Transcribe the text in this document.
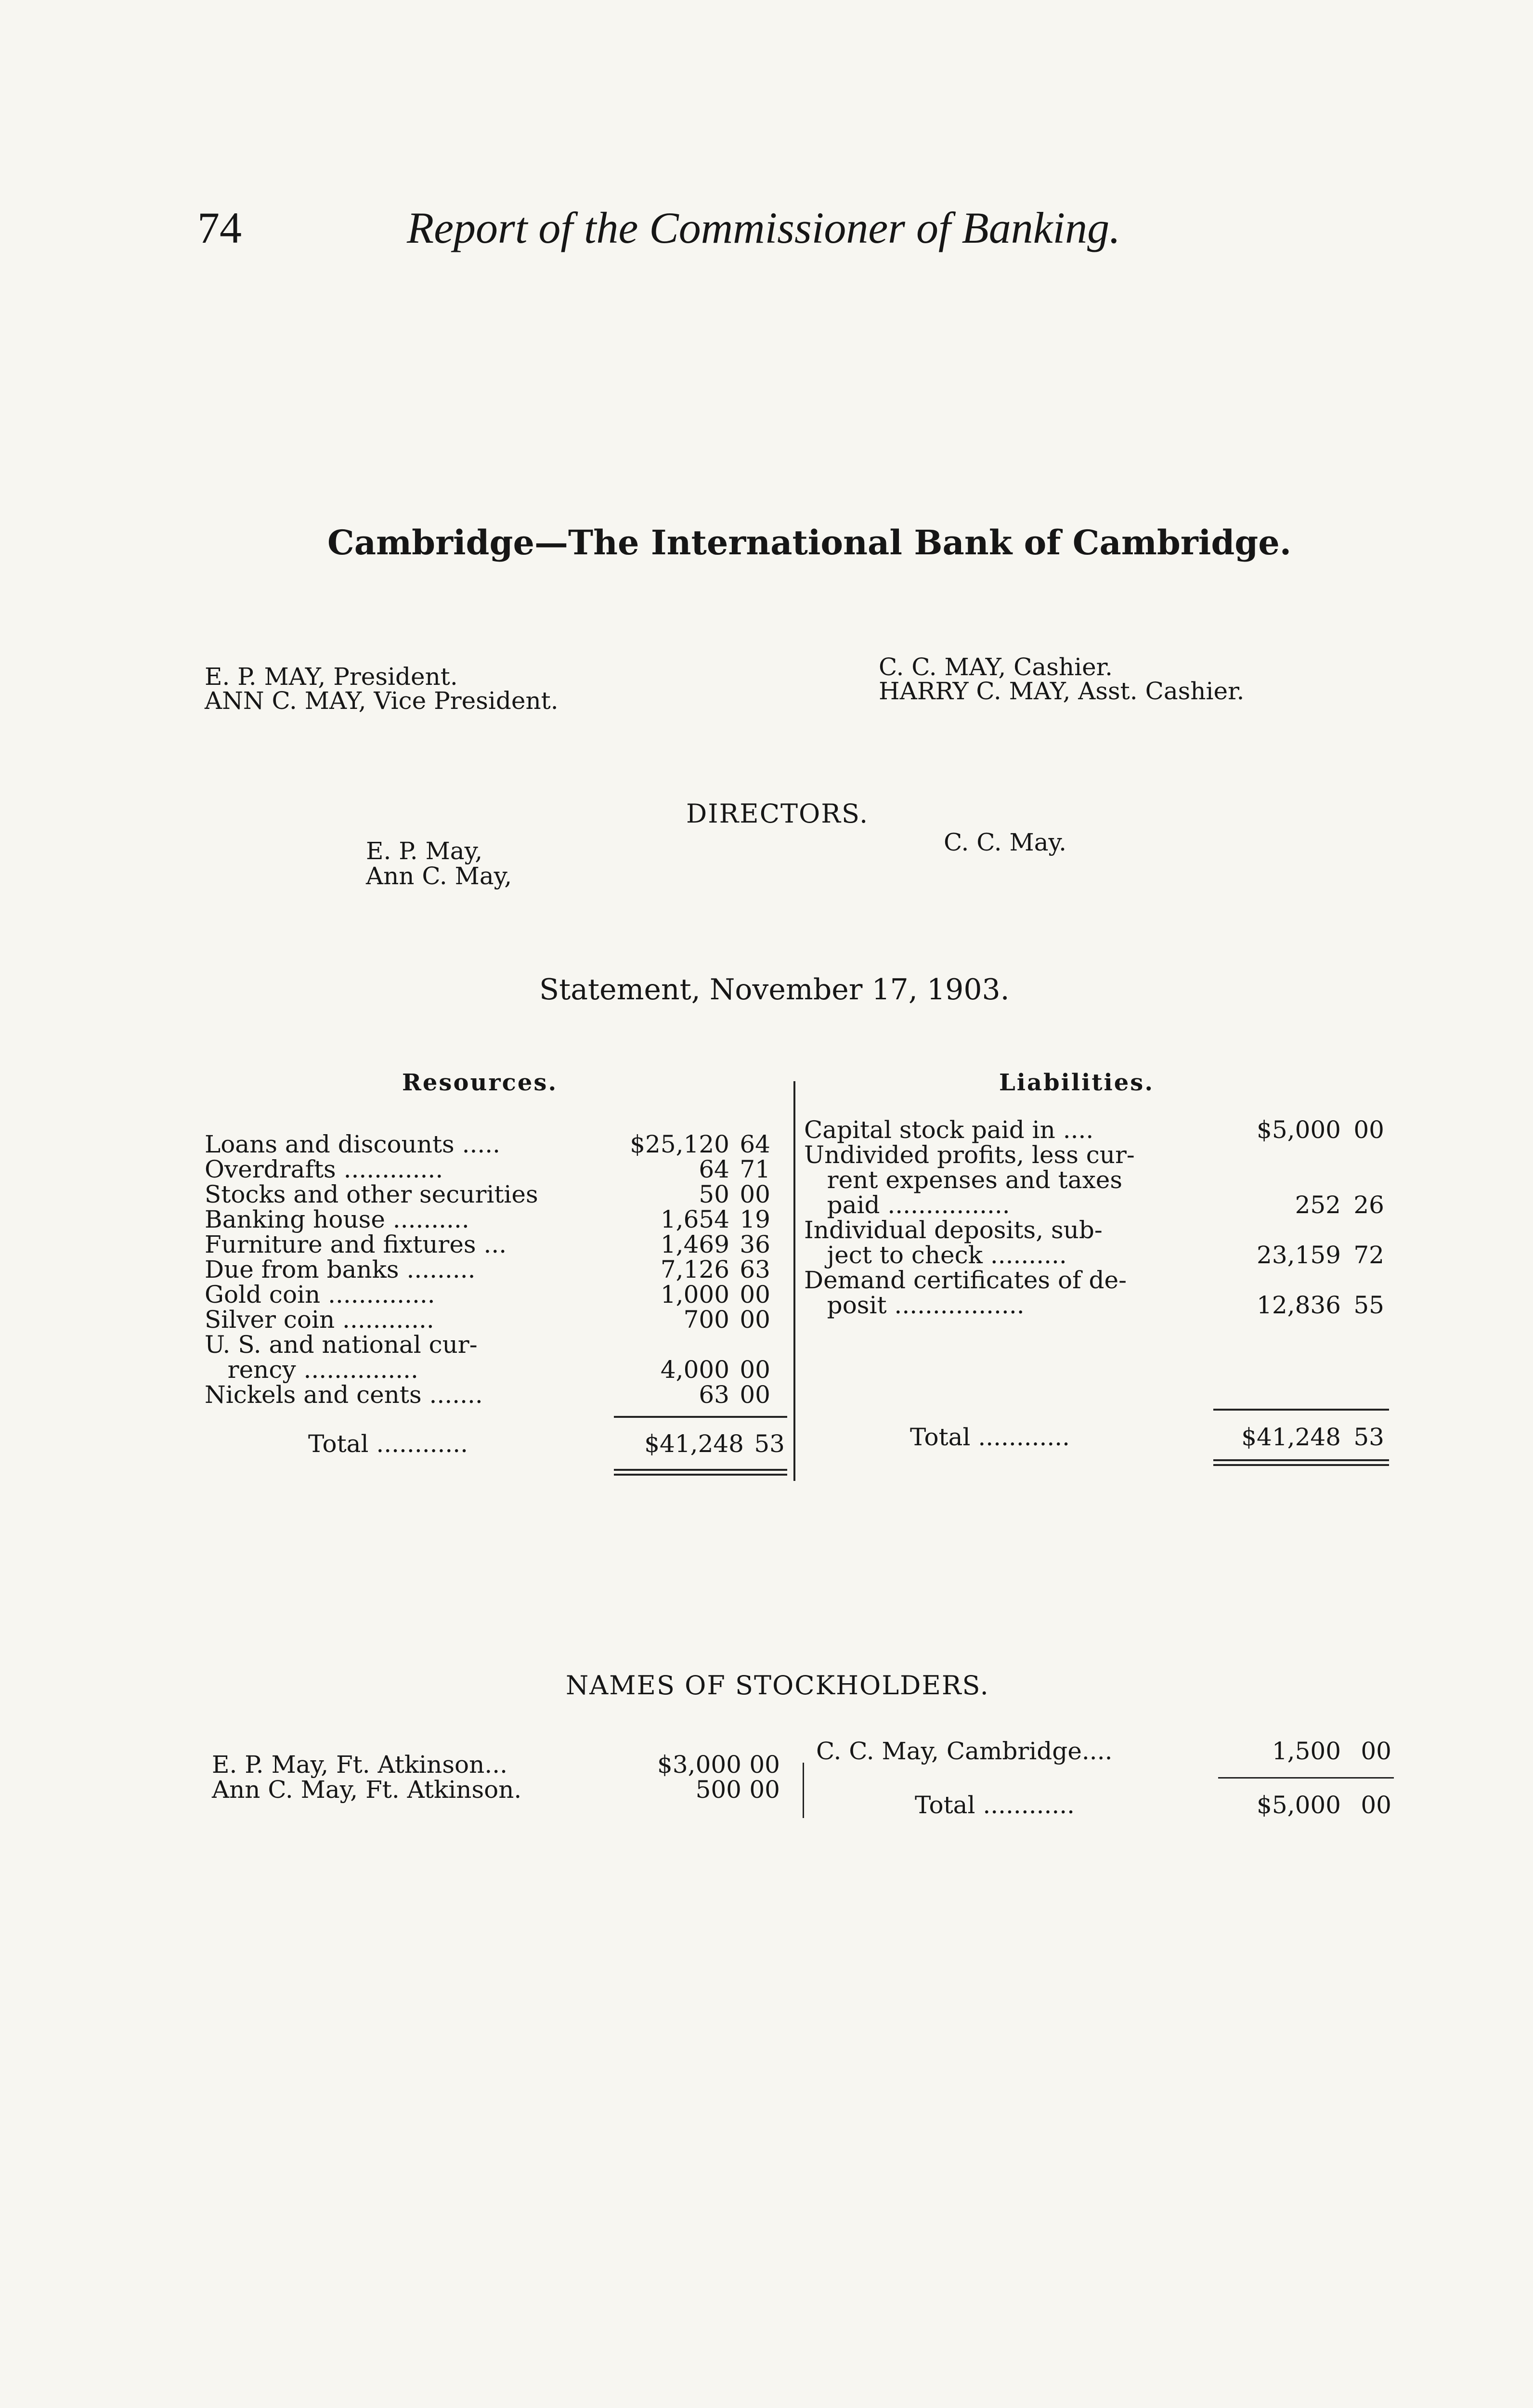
74	Report of the Commissioner of Banking.
Cambridge—The International Bank of Cambridge.
E. P. MAY, President.
ANN C. MAY, Vice President.
C. C. MAY, Cashier.
HARRY C. MAY, Asst. Cashier.
DIRECTORS.
E. P. May,
Ann C. May,
C. C. May.
Statement, November 17, 1903.
Resources.	Liabilities.
Loans and discounts .....	$25,120 64
Overdrafts .............	64 71
Stocks and other securities	50 00
Banking house ..........	1,654 19
Furniture and fixtures ...	1,469 36
Due from banks .........	7,126 63
Gold coin ..............	1,000 00
Silver coin ............	700 00
U. S. and national cur-
rency ...............	4,000 00
Nickels and cents .......	63 00
Capital stock paid in ....	$5,000 00
Undivided profits, less cur-
rent expenses and taxes
paid ................	252 26
Individual deposits, sub-
ject to check ..........	23,159 72
Demand certificates of de-
posit .................	12,836 55
Total ............	$41,248 53	Total ............	$41,248 53
NAMES OF STOCKHOLDERS.
E. P. May, Ft. Atkinson...	$3,000 00
Ann C. May, Ft. Atkinson.	500 00
C. C. May, Cambridge....	1,500 00
Total ............	$5,000 00
